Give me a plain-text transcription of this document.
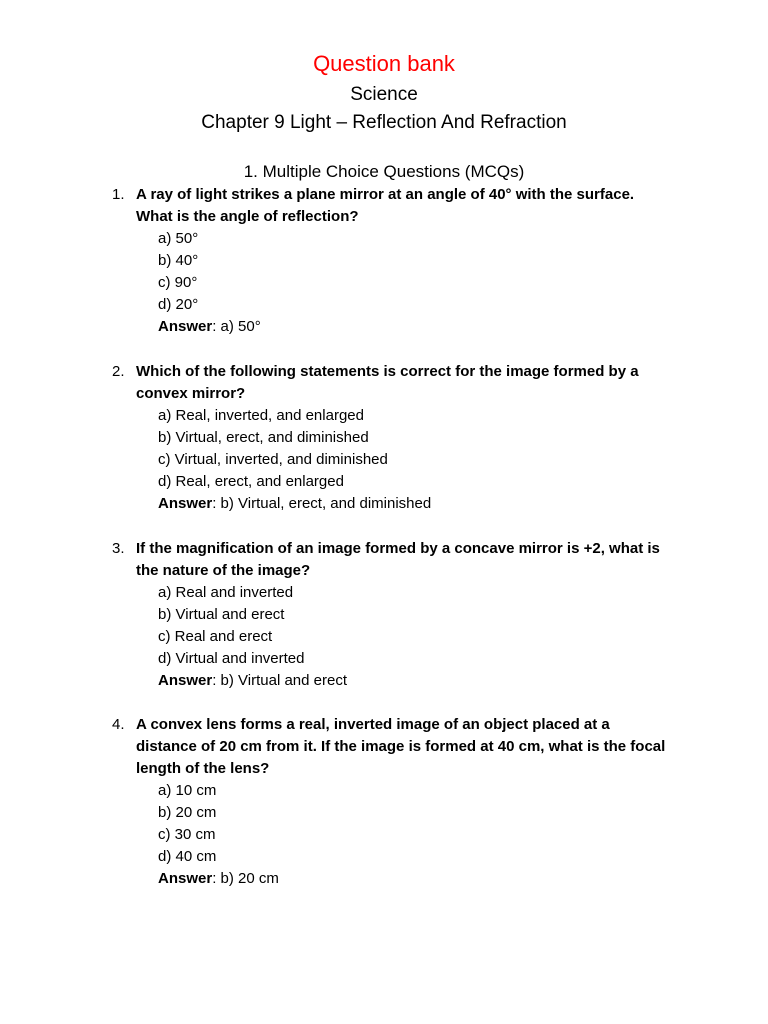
Question bank
Science
Chapter 9 Light – Reflection And Refraction
1. Multiple Choice Questions (MCQs)
1. A ray of light strikes a plane mirror at an angle of 40° with the surface. What is the angle of reflection?
a) 50°
b) 40°
c) 90°
d) 20°
Answer: a) 50°
2. Which of the following statements is correct for the image formed by a convex mirror?
a) Real, inverted, and enlarged
b) Virtual, erect, and diminished
c) Virtual, inverted, and diminished
d) Real, erect, and enlarged
Answer: b) Virtual, erect, and diminished
3. If the magnification of an image formed by a concave mirror is +2, what is the nature of the image?
a) Real and inverted
b) Virtual and erect
c) Real and erect
d) Virtual and inverted
Answer: b) Virtual and erect
4. A convex lens forms a real, inverted image of an object placed at a distance of 20 cm from it. If the image is formed at 40 cm, what is the focal length of the lens?
a) 10 cm
b) 20 cm
c) 30 cm
d) 40 cm
Answer: b) 20 cm
